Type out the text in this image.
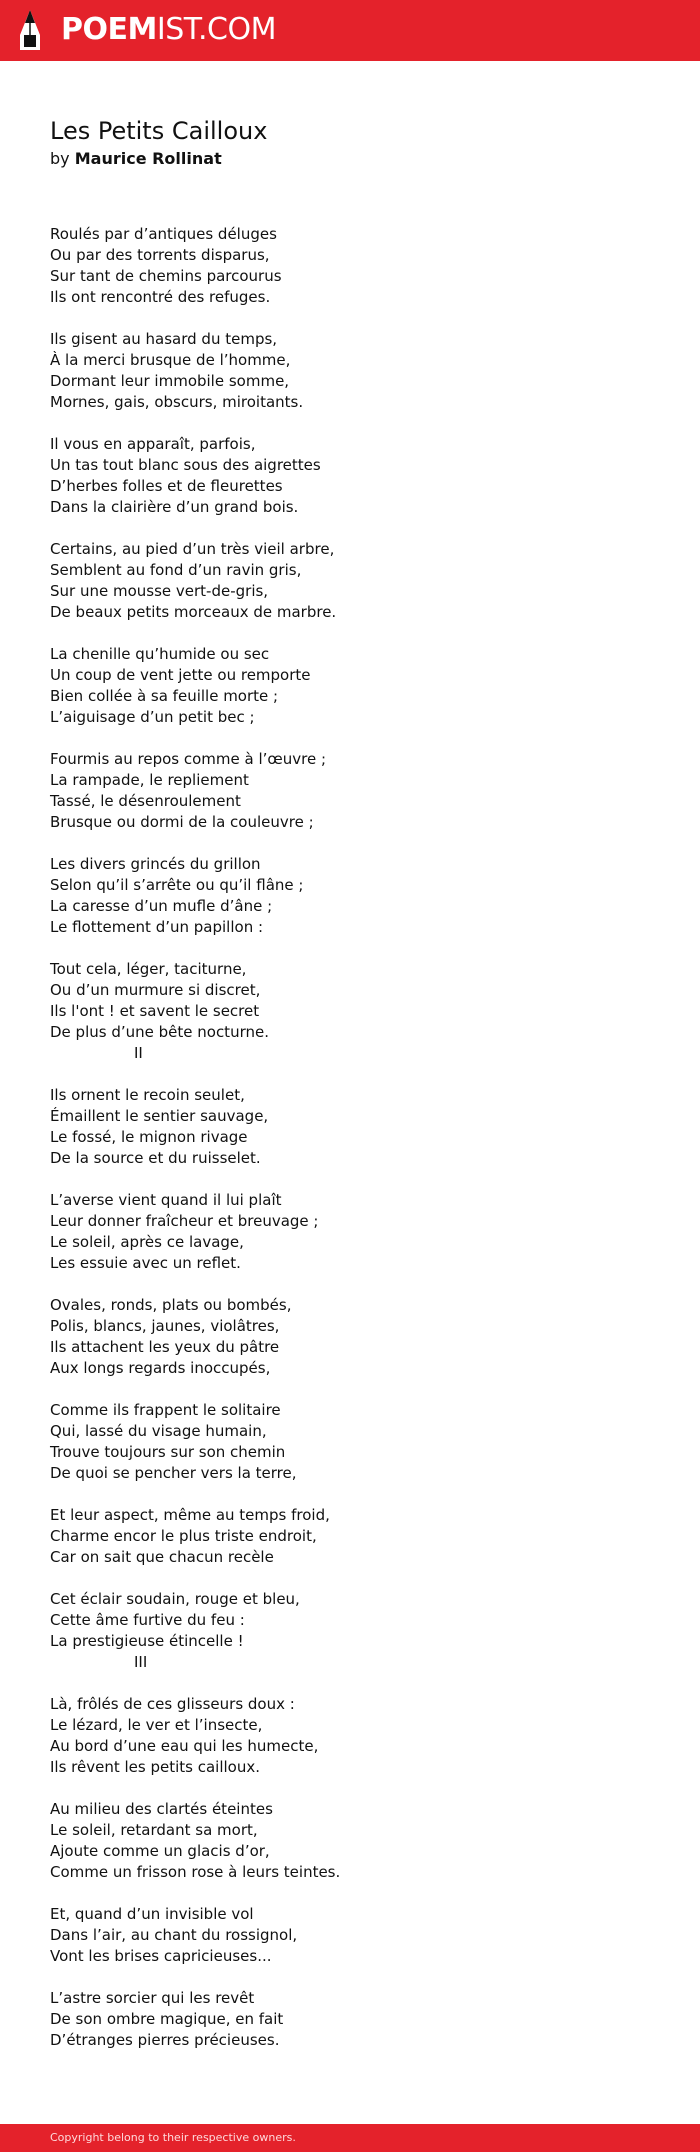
POEMIST.COM
Les Petits Cailloux
by Maurice Rollinat
Roulés par d’antiques déluges
Ou par des torrents disparus,
Sur tant de chemins parcourus
Ils ont rencontré des refuges.
Ils gisent au hasard du temps,
À la merci brusque de l’homme,
Dormant leur immobile somme,
Mornes, gais, obscurs, miroitants.
Il vous en apparaît, parfois,
Un tas tout blanc sous des aigrettes
D’herbes folles et de fleurettes
Dans la clairière d’un grand bois.
Certains, au pied d’un très vieil arbre,
Semblent au fond d’un ravin gris,
Sur une mousse vert-de-gris,
De beaux petits morceaux de marbre.
La chenille qu’humide ou sec
Un coup de vent jette ou remporte
Bien collée à sa feuille morte ;
L’aiguisage d’un petit bec ;
Fourmis au repos comme à l’œuvre ;
La rampade, le repliement
Tassé, le désenroulement
Brusque ou dormi de la couleuvre ;
Les divers grincés du grillon
Selon qu’il s’arrête ou qu’il flâne ;
La caresse d’un mufle d’âne ;
Le flottement d’un papillon :
Tout cela, léger, taciturne,
Ou d’un murmure si discret,
Ils l'ont ! et savent le secret
De plus d’une bête nocturne.
II
Ils ornent le recoin seulet,
Émaillent le sentier sauvage,
Le fossé, le mignon rivage
De la source et du ruisselet.
L’averse vient quand il lui plaît
Leur donner fraîcheur et breuvage ;
Le soleil, après ce lavage,
Les essuie avec un reflet.
Ovales, ronds, plats ou bombés,
Polis, blancs, jaunes, violâtres,
Ils attachent les yeux du pâtre
Aux longs regards inoccupés,
Comme ils frappent le solitaire
Qui, lassé du visage humain,
Trouve toujours sur son chemin
De quoi se pencher vers la terre,
Et leur aspect, même au temps froid,
Charme encor le plus triste endroit,
Car on sait que chacun recèle
Cet éclair soudain, rouge et bleu,
Cette âme furtive du feu :
La prestigieuse étincelle !
III
Là, frôlés de ces glisseurs doux :
Le lézard, le ver et l’insecte,
Au bord d’une eau qui les humecte,
Ils rêvent les petits cailloux.
Au milieu des clartés éteintes
Le soleil, retardant sa mort,
Ajoute comme un glacis d’or,
Comme un frisson rose à leurs teintes.
Et, quand d’un invisible vol
Dans l’air, au chant du rossignol,
Vont les brises capricieuses...
L’astre sorcier qui les revêt
De son ombre magique, en fait
D’étranges pierres précieuses.
Copyright belong to their respective owners.
